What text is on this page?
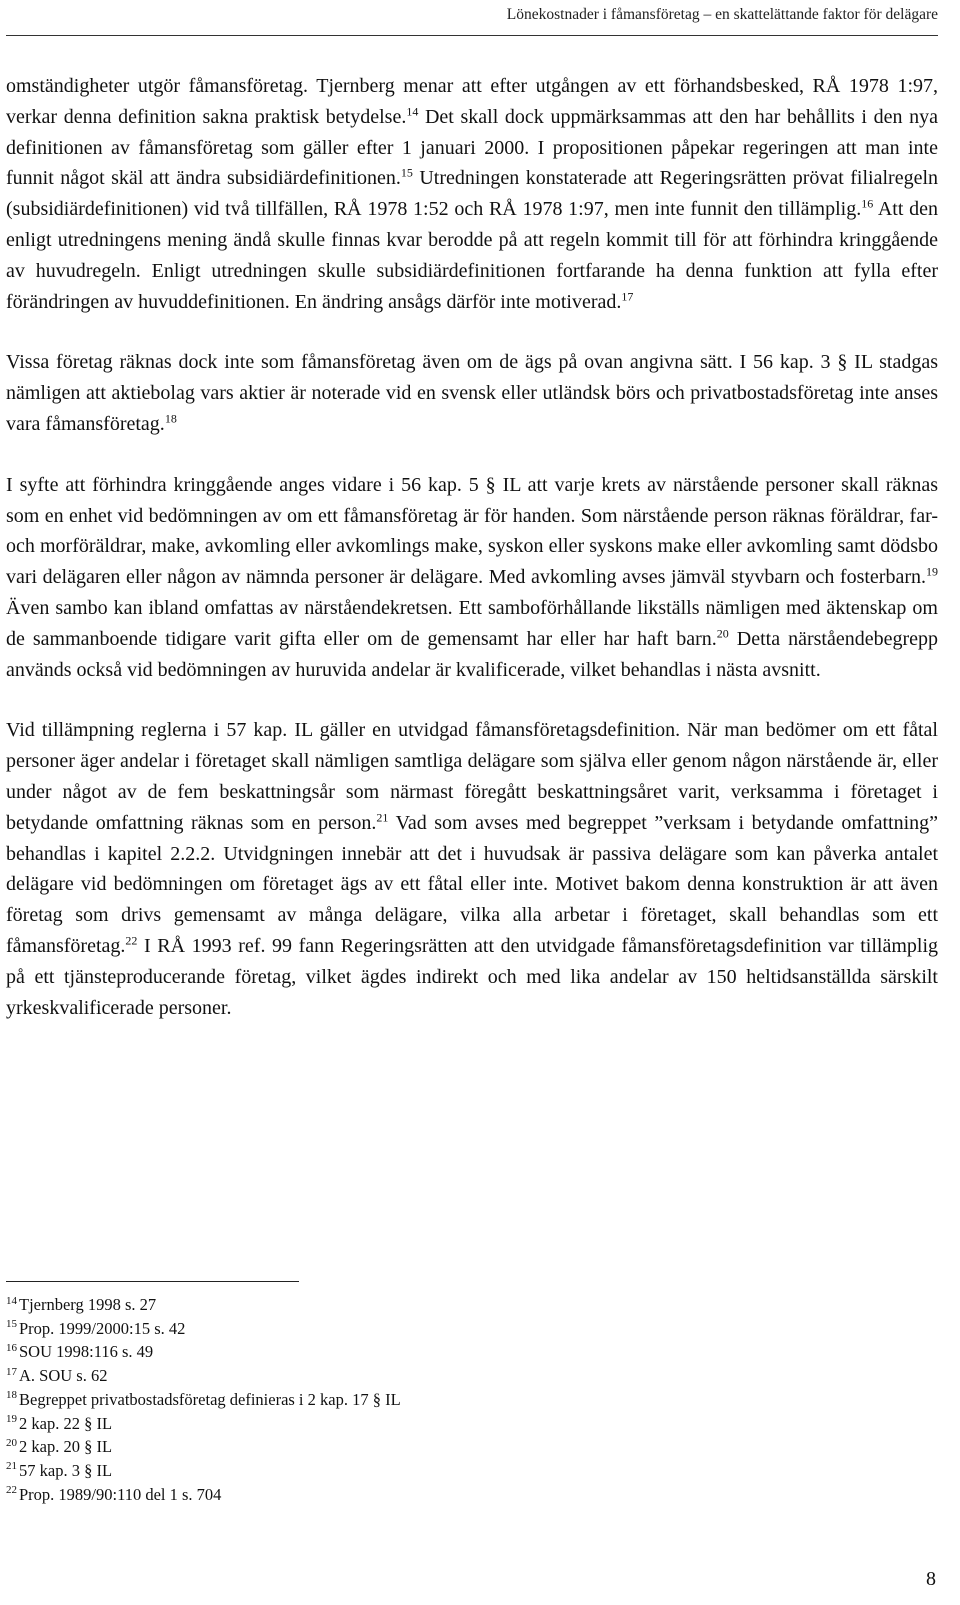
Lönekostnader i fåmansföretag – en skattelättande faktor för delägare

omständigheter utgör fåmansföretag. Tjernberg menar att efter utgången av ett förhandsbesked, RÅ 1978 1:97, verkar denna definition sakna praktisk betydelse.$^{14}$ Det skall dock uppmärksammas att den har behållits i den nya definitionen av fåmansföretag som gäller efter 1 januari 2000. I propositionen påpekar regeringen att man inte funnit något skäl att ändra subsidiärdefinitionen.$^{15}$ Utredningen konstaterade att Regeringsrätten prövat filialregeln (subsidiärdefinitionen) vid två tillfällen, RÅ 1978 1:52 och RÅ 1978 1:97, men inte funnit den tillämplig.$^{16}$ Att den enligt utredningens mening ändå skulle finnas kvar berodde på att regeln kommit till för att förhindra kringgående av huvudregeln. Enligt utredningen skulle subsidiärdefinitionen fortfarande ha denna funktion att fylla efter förändringen av huvuddefinitionen. En ändring ansågs därför inte motiverad.$^{17}$

Vissa företag räknas dock inte som fåmansföretag även om de ägs på ovan angivna sätt. I 56 kap. 3 § IL stadgas nämligen att aktiebolag vars aktier är noterade vid en svensk eller utländsk börs och privatbostadsföretag inte anses vara fåmansföretag.$^{18}$

I syfte att förhindra kringgående anges vidare i 56 kap. 5 § IL att varje krets av närstående personer skall räknas som en enhet vid bedömningen av om ett fåmansföretag är för handen. Som närstående person räknas föräldrar, far- och morföräldrar, make, avkomling eller avkomlings make, syskon eller syskons make eller avkomling samt dödsbo vari delägaren eller någon av nämnda personer är delägare. Med avkomling avses jämväl styvbarn och fosterbarn.$^{19}$ Även sambo kan ibland omfattas av närståendekretsen. Ett samboförhållande likställs nämligen med äktenskap om de sammanboende tidigare varit gifta eller om de gemensamt har eller har haft barn.$^{20}$ Detta närståendebegrepp används också vid bedömningen av huruvida andelar är kvalificerade, vilket behandlas i nästa avsnitt.

Vid tillämpning reglerna i 57 kap. IL gäller en utvidgad fåmansföretagsdefinition. När man bedömer om ett fåtal personer äger andelar i företaget skall nämligen samtliga delägare som själva eller genom någon närstående är, eller under något av de fem beskattningsår som närmast föregått beskattningsåret varit, verksamma i företaget i betydande omfattning räknas som en person.$^{21}$ Vad som avses med begreppet ”verksam i betydande omfattning” behandlas i kapitel 2.2.2. Utvidgningen innebär att det i huvudsak är passiva delägare som kan påverka antalet delägare vid bedömningen om företaget ägs av ett fåtal eller inte. Motivet bakom denna konstruktion är att även företag som drivs gemensamt av många delägare, vilka alla arbetar i företaget, skall behandlas som ett fåmansföretag.$^{22}$ I RÅ 1993 ref. 99 fann Regeringsrätten att den utvidgade fåmansföretagsdefinition var tillämplig på ett tjänsteproducerande företag, vilket ägdes indirekt och med lika andelar av 150 heltidsanställda särskilt yrkeskvalificerade personer.

$^{14}$ Tjernberg 1998 s. 27
$^{15}$ Prop. 1999/2000:15 s. 42
$^{16}$ SOU 1998:116 s. 49
$^{17}$ A. SOU s. 62
$^{18}$ Begreppet privatbostadsföretag definieras i 2 kap. 17 § IL
$^{19}$ 2 kap. 22 § IL
$^{20}$ 2 kap. 20 § IL
$^{21}$ 57 kap. 3 § IL
$^{22}$ Prop. 1989/90:110 del 1 s. 704
8
